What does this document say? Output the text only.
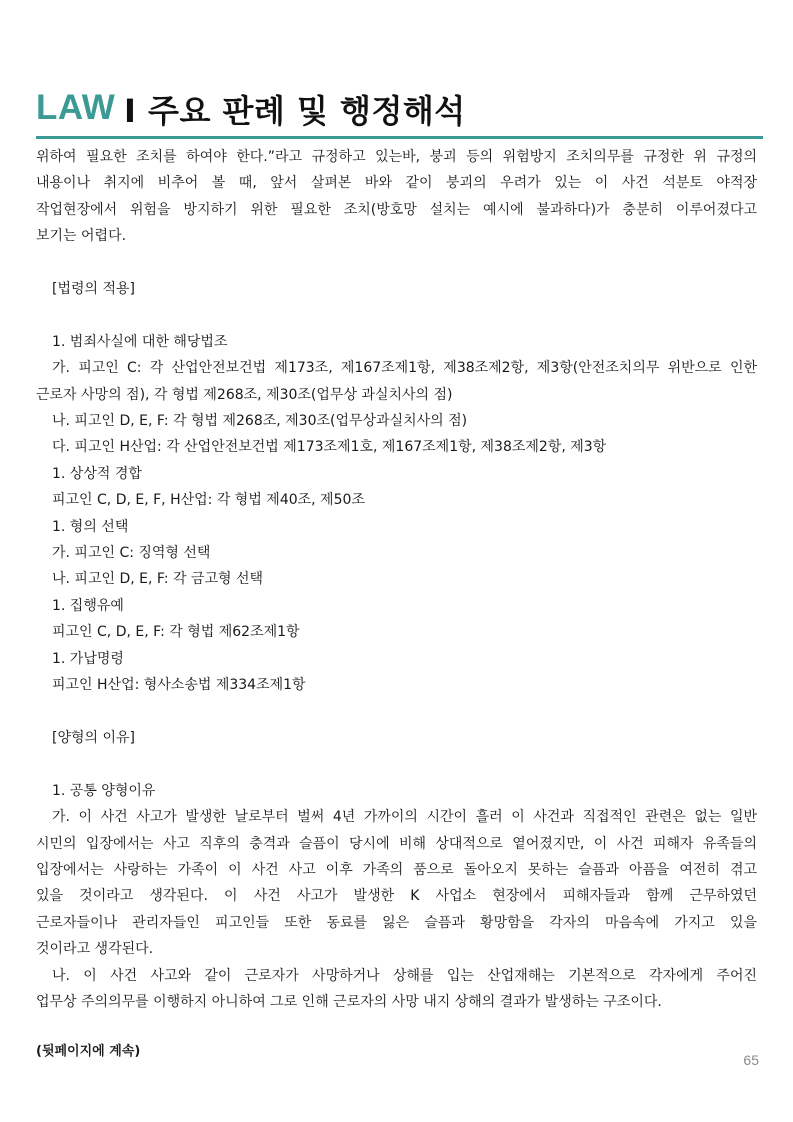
LAW I 주요 판례 및 행정해석

위하여 필요한 조치를 하여야 한다.”라고 규정하고 있는바, 붕괴 등의 위험방지 조치의무를 규정한 위 규정의

내용이나 취지에 비추어 볼 때, 앞서 살펴본 바와 같이 붕괴의 우려가 있는 이 사건 석분토 야적장

작업현장에서 위험을 방지하기 위한 필요한 조치(방호망 설치는 예시에 불과하다)가 충분히 이루어졌다고

보기는 어렵다.

[법령의 적용]

1. 범죄사실에 대한 해당법조

가. 피고인 C: 각 산업안전보건법 제173조, 제167조제1항, 제38조제2항, 제3항(안전조치의무 위반으로 인한

근로자 사망의 점), 각 형법 제268조, 제30조(업무상 과실치사의 점)

나. 피고인 D, E, F: 각 형법 제268조, 제30조(업무상과실치사의 점)

다. 피고인 H산업: 각 산업안전보건법 제173조제1호, 제167조제1항, 제38조제2항, 제3항

1. 상상적 경합

피고인 C, D, E, F, H산업: 각 형법 제40조, 제50조

1. 형의 선택

가. 피고인 C: 징역형 선택

나. 피고인 D, E, F: 각 금고형 선택

1. 집행유예

피고인 C, D, E, F: 각 형법 제62조제1항

1. 가납명령

피고인 H산업: 형사소송법 제334조제1항

[양형의 이유]

1. 공통 양형이유

가. 이 사건 사고가 발생한 날로부터 벌써 4년 가까이의 시간이 흘러 이 사건과 직접적인 관련은 없는 일반

시민의 입장에서는 사고 직후의 충격과 슬픔이 당시에 비해 상대적으로 옅어졌지만, 이 사건 피해자 유족들의

입장에서는 사랑하는 가족이 이 사건 사고 이후 가족의 품으로 돌아오지 못하는 슬픔과 아픔을 여전히 겪고

있을 것이라고 생각된다. 이 사건 사고가 발생한 K 사업소 현장에서 피해자들과 함께 근무하였던

근로자들이나 관리자들인 피고인들 또한 동료를 잃은 슬픔과 황망함을 각자의 마음속에 가지고 있을

것이라고 생각된다.

나. 이 사건 사고와 같이 근로자가 사망하거나 상해를 입는 산업재해는 기본적으로 각자에게 주어진

업무상 주의의무를 이행하지 아니하여 그로 인해 근로자의 사망 내지 상해의 결과가 발생하는 구조이다.

(뒷페이지에 계속)
65
